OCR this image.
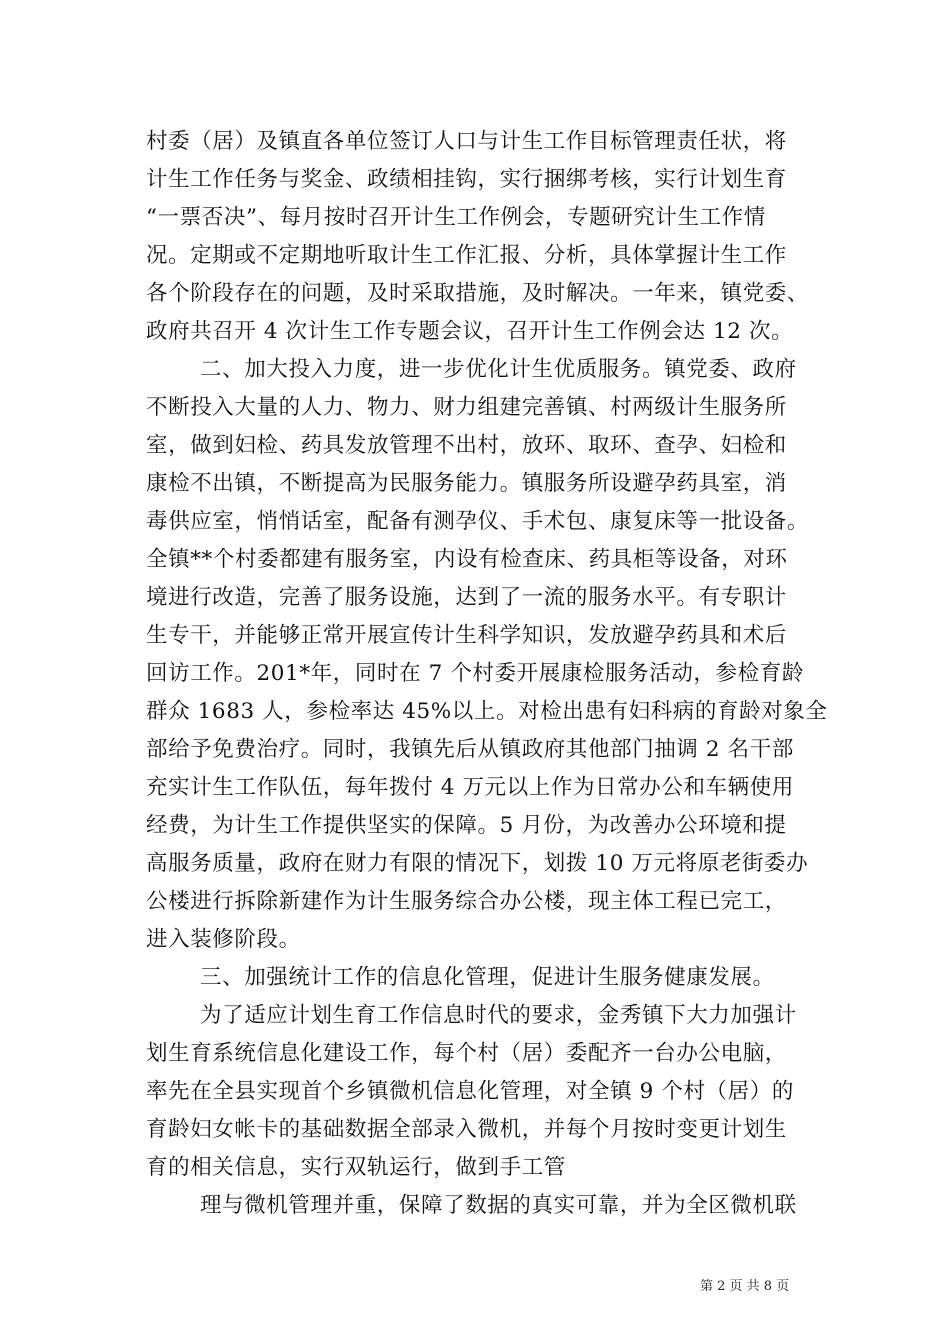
村委（居）及镇直各单位签订人口与计生工作目标管理责任状，将
计生工作任务与奖金、政绩相挂钩，实行捆绑考核，实行计划生育
“一票否决”、每月按时召开计生工作例会，专题研究计生工作情
况。定期或不定期地听取计生工作汇报、分析，具体掌握计生工作
各个阶段存在的问题，及时采取措施，及时解决。一年来，镇党委、
政府共召开 4 次计生工作专题会议，召开计生工作例会达 12 次。
二、加大投入力度，进一步优化计生优质服务。镇党委、政府
不断投入大量的人力、物力、财力组建完善镇、村两级计生服务所
室，做到妇检、药具发放管理不出村，放环、取环、查孕、妇检和
康检不出镇，不断提高为民服务能力。镇服务所设避孕药具室，消
毒供应室，悄悄话室，配备有测孕仪、手术包、康复床等一批设备。
全镇**个村委都建有服务室，内设有检查床、药具柜等设备，对环
境进行改造，完善了服务设施，达到了一流的服务水平。有专职计
生专干，并能够正常开展宣传计生科学知识，发放避孕药具和术后
回访工作。201*年，同时在 7 个村委开展康检服务活动，参检育龄
群众 1683 人，参检率达 45%以上。对检出患有妇科病的育龄对象全
部给予免费治疗。同时，我镇先后从镇政府其他部门抽调 2 名干部
充实计生工作队伍，每年拨付 4 万元以上作为日常办公和车辆使用
经费，为计生工作提供坚实的保障。5 月份，为改善办公环境和提
高服务质量，政府在财力有限的情况下，划拨 10 万元将原老街委办
公楼进行拆除新建作为计生服务综合办公楼，现主体工程已完工，
进入装修阶段。
三、加强统计工作的信息化管理，促进计生服务健康发展。
为了适应计划生育工作信息时代的要求，金秀镇下大力加强计
划生育系统信息化建设工作，每个村（居）委配齐一台办公电脑，
率先在全县实现首个乡镇微机信息化管理，对全镇 9 个村（居）的
育龄妇女帐卡的基础数据全部录入微机，并每个月按时变更计划生
育的相关信息，实行双轨运行，做到手工管
理与微机管理并重，保障了数据的真实可靠，并为全区微机联
第 2 页 共 8 页
